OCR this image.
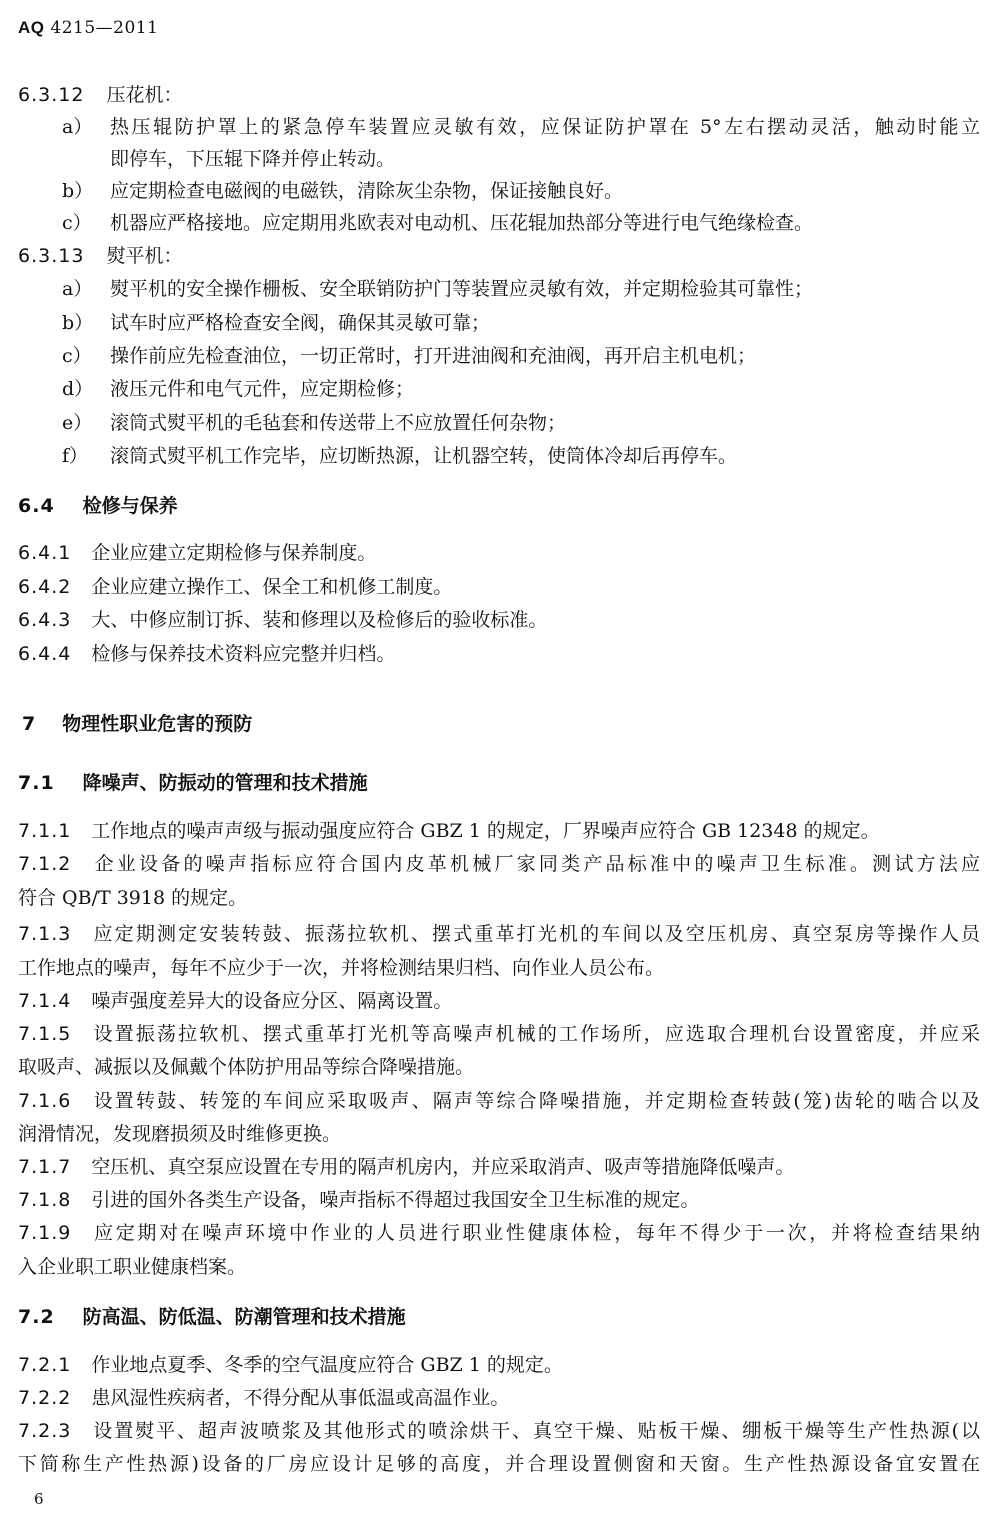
AQ 4215—2011
6.3.12 压花机：
a） 热压辊防护罩上的紧急停车装置应灵敏有效，应保证防护罩在 5°左右摆动灵活，触动时能立
即停车，下压辊下降并停止转动。
b） 应定期检查电磁阀的电磁铁，清除灰尘杂物，保证接触良好。
c） 机器应严格接地。应定期用兆欧表对电动机、压花辊加热部分等进行电气绝缘检查。
6.3.13 熨平机：
a） 熨平机的安全操作栅板、安全联销防护门等装置应灵敏有效，并定期检验其可靠性；
b） 试车时应严格检查安全阀，确保其灵敏可靠；
c） 操作前应先检查油位，一切正常时，打开进油阀和充油阀，再开启主机电机；
d） 液压元件和电气元件，应定期检修；
e） 滚筒式熨平机的毛毡套和传送带上不应放置任何杂物；
f） 滚筒式熨平机工作完毕，应切断热源，让机器空转，使筒体冷却后再停车。
6.4 检修与保养
6.4.1 企业应建立定期检修与保养制度。
6.4.2 企业应建立操作工、保全工和机修工制度。
6.4.3 大、中修应制订拆、装和修理以及检修后的验收标准。
6.4.4 检修与保养技术资料应完整并归档。
7 物理性职业危害的预防
7.1 降噪声、防振动的管理和技术措施
7.1.1 工作地点的噪声声级与振动强度应符合 GBZ 1 的规定，厂界噪声应符合 GB 12348 的规定。
7.1.2 企业设备的噪声指标应符合国内皮革机械厂家同类产品标准中的噪声卫生标准。测试方法应
符合 QB/T 3918 的规定。
7.1.3 应定期测定安装转鼓、振荡拉软机、摆式重革打光机的车间以及空压机房、真空泵房等操作人员
工作地点的噪声，每年不应少于一次，并将检测结果归档、向作业人员公布。
7.1.4 噪声强度差异大的设备应分区、隔离设置。
7.1.5 设置振荡拉软机、摆式重革打光机等高噪声机械的工作场所，应选取合理机台设置密度，并应采
取吸声、减振以及佩戴个体防护用品等综合降噪措施。
7.1.6 设置转鼓、转笼的车间应采取吸声、隔声等综合降噪措施，并定期检查转鼓(笼)齿轮的啮合以及
润滑情况，发现磨损须及时维修更换。
7.1.7 空压机、真空泵应设置在专用的隔声机房内，并应采取消声、吸声等措施降低噪声。
7.1.8 引进的国外各类生产设备，噪声指标不得超过我国安全卫生标准的规定。
7.1.9 应定期对在噪声环境中作业的人员进行职业性健康体检，每年不得少于一次，并将检查结果纳
入企业职工职业健康档案。
7.2 防高温、防低温、防潮管理和技术措施
7.2.1 作业地点夏季、冬季的空气温度应符合 GBZ 1 的规定。
7.2.2 患风湿性疾病者，不得分配从事低温或高温作业。
7.2.3 设置熨平、超声波喷浆及其他形式的喷涂烘干、真空干燥、贴板干燥、绷板干燥等生产性热源(以
下简称生产性热源)设备的厂房应设计足够的高度，并合理设置侧窗和天窗。生产性热源设备宜安置在
6
